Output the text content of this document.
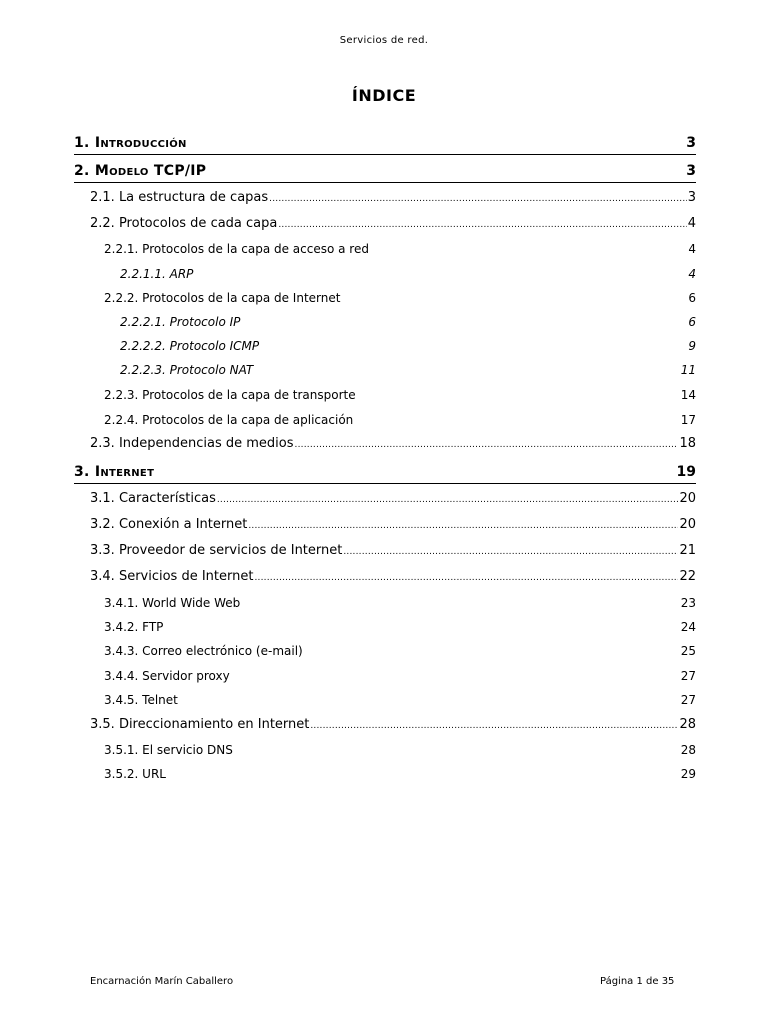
Servicios de red.
ÍNDICE
1. Introducción	3
2. Modelo TCP/IP	3
2.1. La estructura de capas .....	3
2.2. Protocolos de cada capa .....	4
2.2.1. Protocolos de la capa de acceso a red	4
2.2.1.1. ARP	4
2.2.2. Protocolos de la capa de Internet	6
2.2.2.1. Protocolo IP	6
2.2.2.2. Protocolo ICMP	9
2.2.2.3. Protocolo NAT	11
2.2.3. Protocolos de la capa de transporte	14
2.2.4. Protocolos de la capa de aplicación	17
2.3. Independencias de medios .....	18
3. Internet	19
3.1. Características .....	20
3.2. Conexión a Internet .....	20
3.3. Proveedor de servicios de Internet .....	21
3.4. Servicios de Internet .....	22
3.4.1. World Wide Web	23
3.4.2. FTP	24
3.4.3. Correo electrónico (e-mail)	25
3.4.4. Servidor proxy	27
3.4.5. Telnet	27
3.5. Direccionamiento en Internet .....	28
3.5.1. El servicio DNS	28
3.5.2. URL	29
Encarnación Marín Caballero	Página 1 de 35
